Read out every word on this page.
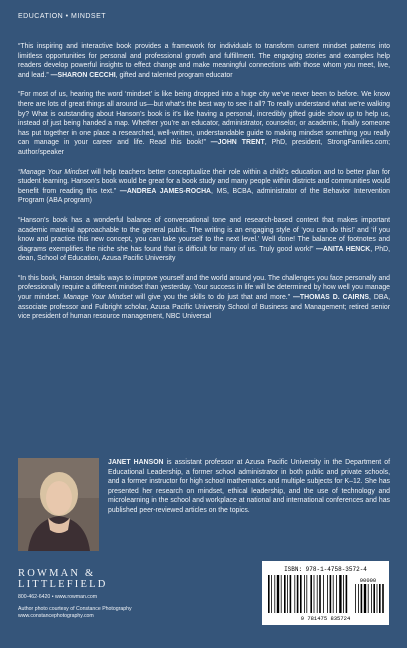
EDUCATION • MINDSET

“This inspiring and interactive book provides a framework for individuals to transform current mindset patterns into limitless opportunities for personal and professional growth and fulfillment. The engaging stories and examples help readers develop powerful insights to effect change and make meaningful connections with those whom you meet, live, and lead.” —SHARON CECCHI, gifted and talented program educator

“For most of us, hearing the word ‘mindset’ is like being dropped into a huge city we’ve never been to before. We know there are lots of great things all around us—but what’s the best way to see it all? To really understand what we’re walking by? What is outstanding about Hanson’s book is it’s like having a personal, incredibly gifted guide show up to help us, instead of just being handed a map. Whether you’re an educator, administrator, counselor, or academic, finally someone has put together in one place a researched, well-written, understandable guide to making mindset something you really can manage in your career and life. Read this book!” —JOHN TRENT, PhD, president, StrongFamilies.com; author/speaker

“Manage Your Mindset will help teachers better conceptualize their role within a child’s education and to better plan for student learning. Hanson’s book would be great for a book study and many people within districts and communities would benefit from reading this text.” —ANDREA JAMES-ROCHA, MS, BCBA, administrator of the Behavior Intervention Program (ABA program)

“Hanson’s book has a wonderful balance of conversational tone and research-based context that makes important academic material approachable to the general public. The writing is an engaging style of ‘you can do this!’ and ‘if you know and practice this new concept, you can take yourself to the next level.’ Well done! The balance of footnotes and diagrams exemplifies the niche she has found that is difficult for many of us. Truly good work!” —ANITA HENCK, PhD, dean, School of Education, Azusa Pacific University

“In this book, Hanson details ways to improve yourself and the world around you. The challenges you face personally and professionally require a different mindset than yesterday. Your success in life will be determined by how well you manage your mindset. Manage Your Mindset will give you the skills to do just that and more.” —THOMAS D. CAIRNS, DBA, associate professor and Fulbright scholar, Azusa Pacific University School of Business and Management; retired senior vice president of human resource management, NBC Universal

JANET HANSON is assistant professor at Azusa Pacific University in the Department of Educational Leadership, a former school administrator in both public and private schools, and a former instructor for high school mathematics and multiple subjects for K–12. She has presented her research on mindset, ethical leadership, and the use of technology and microlearning in the school and workplace at national and international conferences and has published peer-reviewed articles on the topics.
ROWMAN &
LITTLEFIELD
800-462-6420 • www.rowman.com
Author photo courtesy of Constance Photography
www.constancephotography.com
ISBN: 978-1-4758-3572-4
90000
9 781475 835724
